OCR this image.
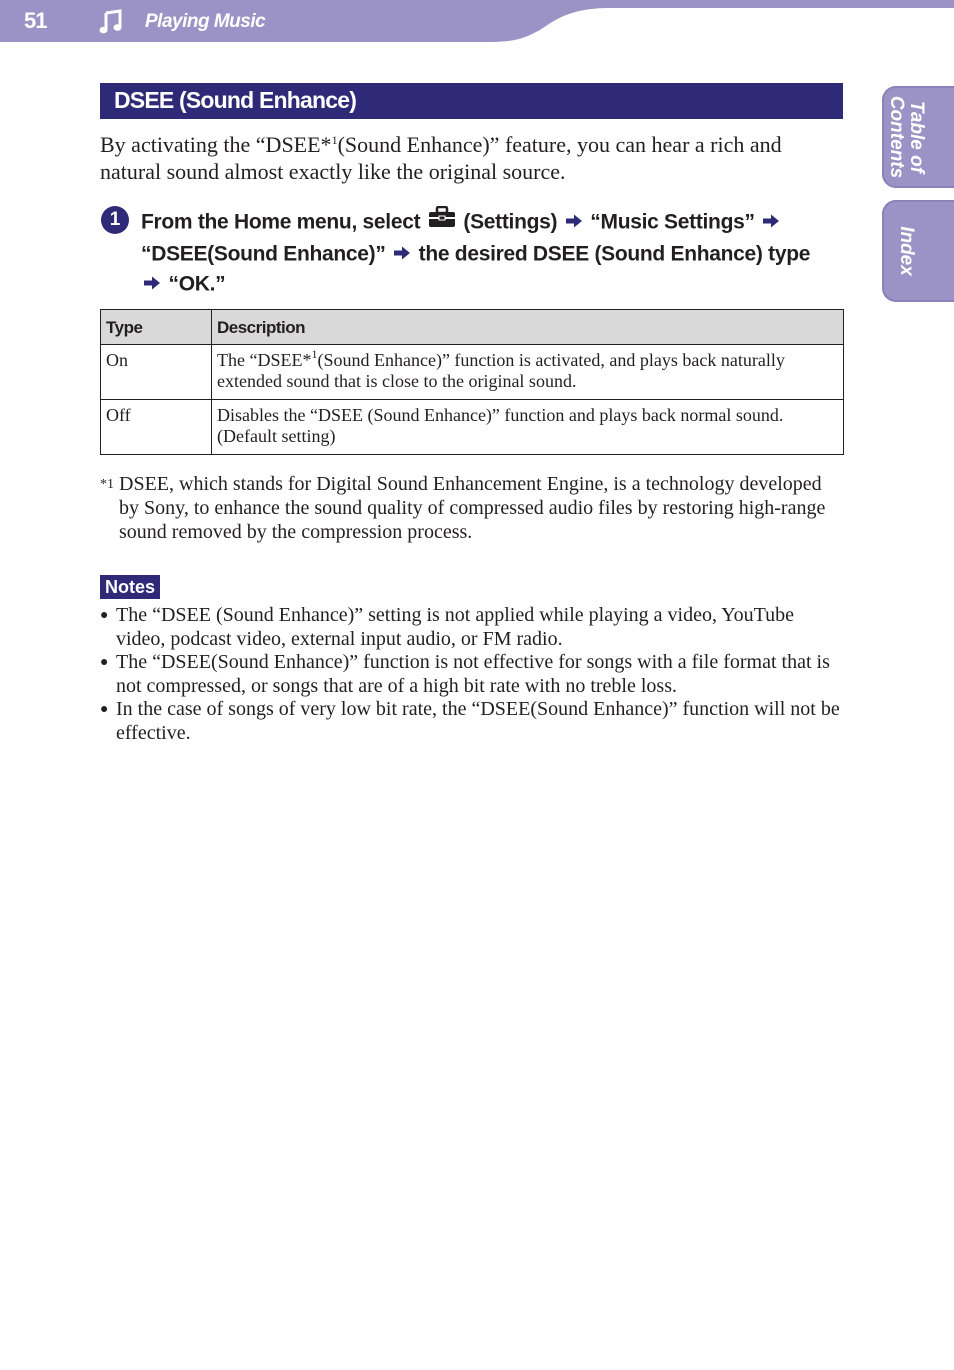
51	Playing Music
Table of
Contents
Index
DSEE (Sound Enhance)

By activating the “DSEE*$^1$(Sound Enhance)” feature, you can hear a rich and natural sound almost exactly like the original source.

1 From the Home menu, select (Settings) “Music Settings”  “DSEE(Sound Enhance)” the desired DSEE (Sound Enhance) type  “OK.”
Type	Description
On	The “DSEE*$^1$(Sound Enhance)” function is activated, and plays back naturally extended sound that is close to the original sound.
Off	Disables the “DSEE (Sound Enhance)” function and plays back normal sound. (Default setting)
*1 DSEE, which stands for Digital Sound Enhancement Engine, is a technology developed by Sony, to enhance the sound quality of compressed audio files by restoring high-range sound removed by the compression process.

Notes
● The “DSEE (Sound Enhance)” setting is not applied while playing a video, YouTube video, podcast video, external input audio, or FM radio.
● The “DSEE(Sound Enhance)” function is not effective for songs with a file format that is not compressed, or songs that are of a high bit rate with no treble loss.
● In the case of songs of very low bit rate, the “DSEE(Sound Enhance)” function will not be effective.
